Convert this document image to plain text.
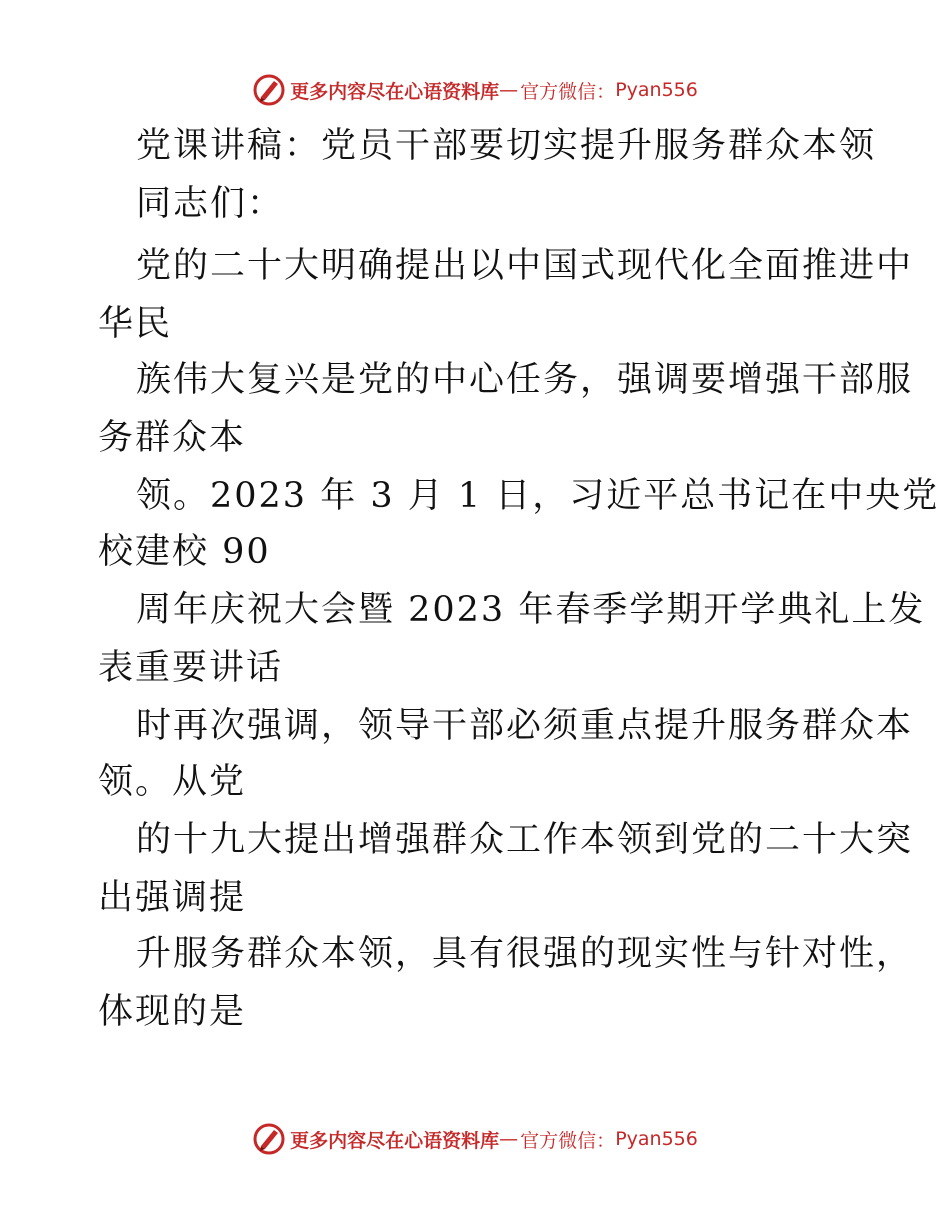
更多内容尽在心语资料库 — 官方微信： Pyan556
党课讲稿：党员干部要切实提升服务群众本领
同志们：
党的二十大明确提出以中国式现代化全面推进中
华民
族伟大复兴是党的中心任务，强调要增强干部服
务群众本
领。2023 年 3 月 1 日，习近平总书记在中央党
校建校 90
周年庆祝大会暨 2023 年春季学期开学典礼上发
表重要讲话
时再次强调，领导干部必须重点提升服务群众本
领。从党
的十九大提出增强群众工作本领到党的二十大突
出强调提
升服务群众本领，具有很强的现实性与针对性，
体现的是
更多内容尽在心语资料库 — 官方微信： Pyan556
